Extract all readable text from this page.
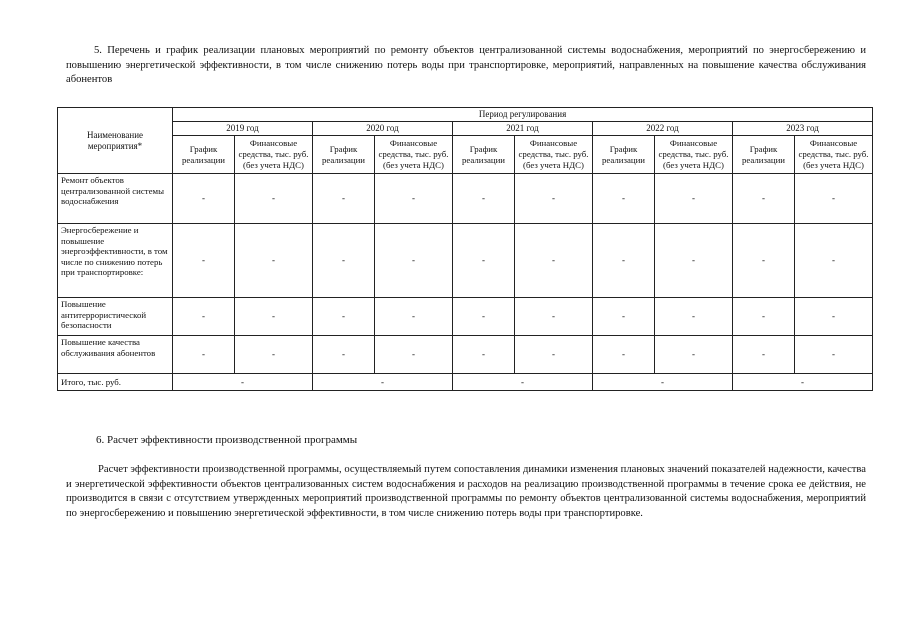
5. Перечень и график реализации плановых мероприятий по ремонту объектов централизованной системы водоснабжения, мероприятий по энергосбережению и повышению энергетической эффективности, в том числе снижению потерь воды при транспортировке, мероприятий, направленных на повышение качества обслуживания абонентов

Наименование мероприятия*	Период регулирования									
	2019 год		2020 год		2021 год		2022 год		2023 год	
	График реализации	Финансовые средства, тыс. руб. (без учета НДС)	График реализации	Финансовые средства, тыс. руб. (без учета НДС)	График реализации	Финансовые средства, тыс. руб. (без учета НДС)	График реализации	Финансовые средства, тыс. руб. (без учета НДС)	График реализации	Финансовые средства, тыс. руб. (без учета НДС)
Ремонт объектов централизованной системы водоснабжения	-	-	-	-	-	-	-	-	-	-
Энергосбережение и повышение энергоэффективности, в том числе по снижению потерь при транспортировке:	-	-	-	-	-	-	-	-	-	-
Повышение антитеррористической безопасности	-	-	-	-	-	-	-	-	-	-
Повышение качества обслуживания абонентов	-	-	-	-	-	-	-	-	-	-
Итого, тыс. руб.	-		-		-		-		-	

6. Расчет эффективности производственной программы

Расчет эффективности производственной программы, осуществляемый путем сопоставления динамики изменения плановых значений показателей надежности, качества и энергетической эффективности объектов централизованных систем водоснабжения и расходов на реализацию производственной программы в течение срока ее действия, не производится в связи с отсутствием утвержденных мероприятий производственной программы по ремонту объектов централизованной системы водоснабжения, мероприятий по энергосбережению и повышению энергетической эффективности, в том числе снижению потерь воды при транспортировке.
